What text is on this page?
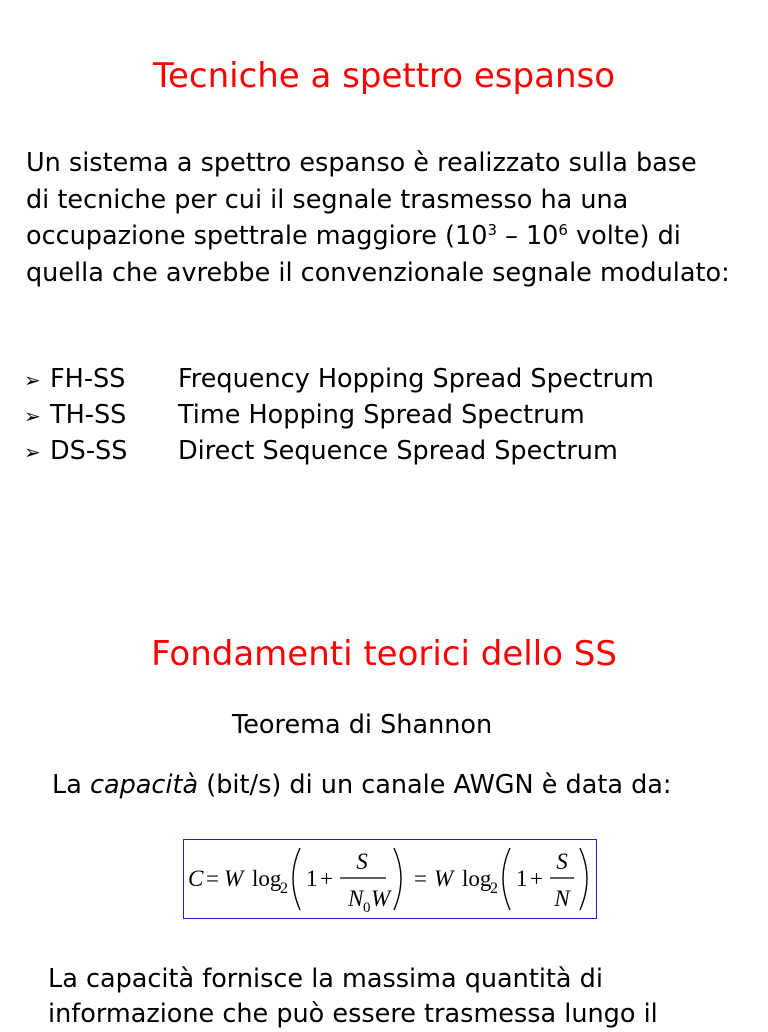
Tecniche a spettro espanso

Un sistema a spettro espanso è realizzato sulla base
di tecniche per cui il segnale trasmesso ha una
occupazione spettrale maggiore ($10^3 - 10^6$ volte) di
quella che avrebbe il convenzionale segnale modulato:

➢ FH-SS	Frequency Hopping Spread Spectrum
➢ TH-SS	Time Hopping Spread Spectrum
➢ DS-SS	Direct Sequence Spread Spectrum
Fondamenti teorici dello SS

Teorema di Shannon

La capacità (bit/s) di un canale AWGN è data da:

C = W log
2 1 +
S
N 0 W
= W log
2 1 +
S
N

La capacità fornisce la massima quantità di
informazione che può essere trasmessa lungo il
